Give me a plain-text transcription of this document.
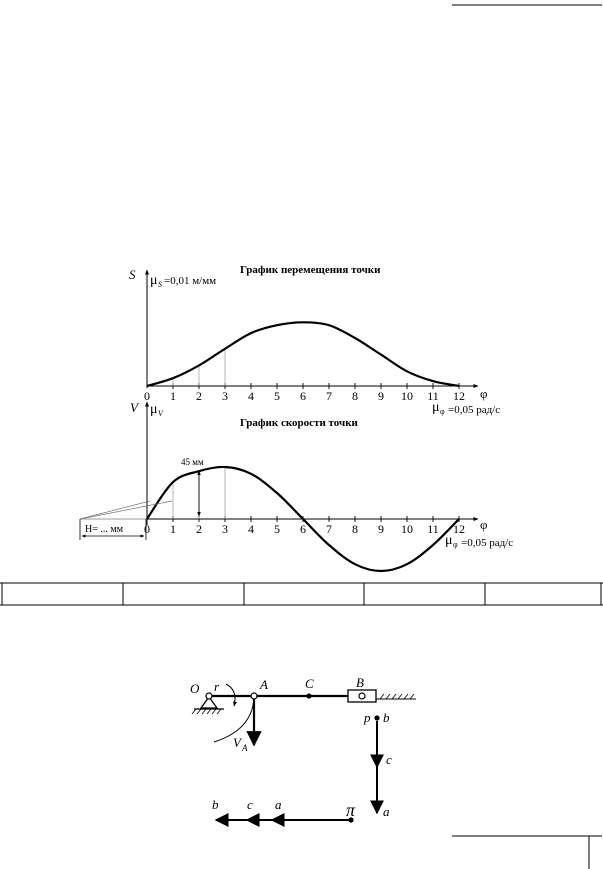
0 1 2 3 4 5 6 7 8 9 10 11 12
S μ S =0,01 м/мм
График перемещения точки
φ
μ φ =0,05 рад/с
0 1 2 3 4 5 6 7 8 9 10 11 12
45 мм
H= ... мм
V μ V
График скорости точки
φ
μ φ =0,05 рад/с
O r	A	C	B
V A
p b
c
a
π
b c a
